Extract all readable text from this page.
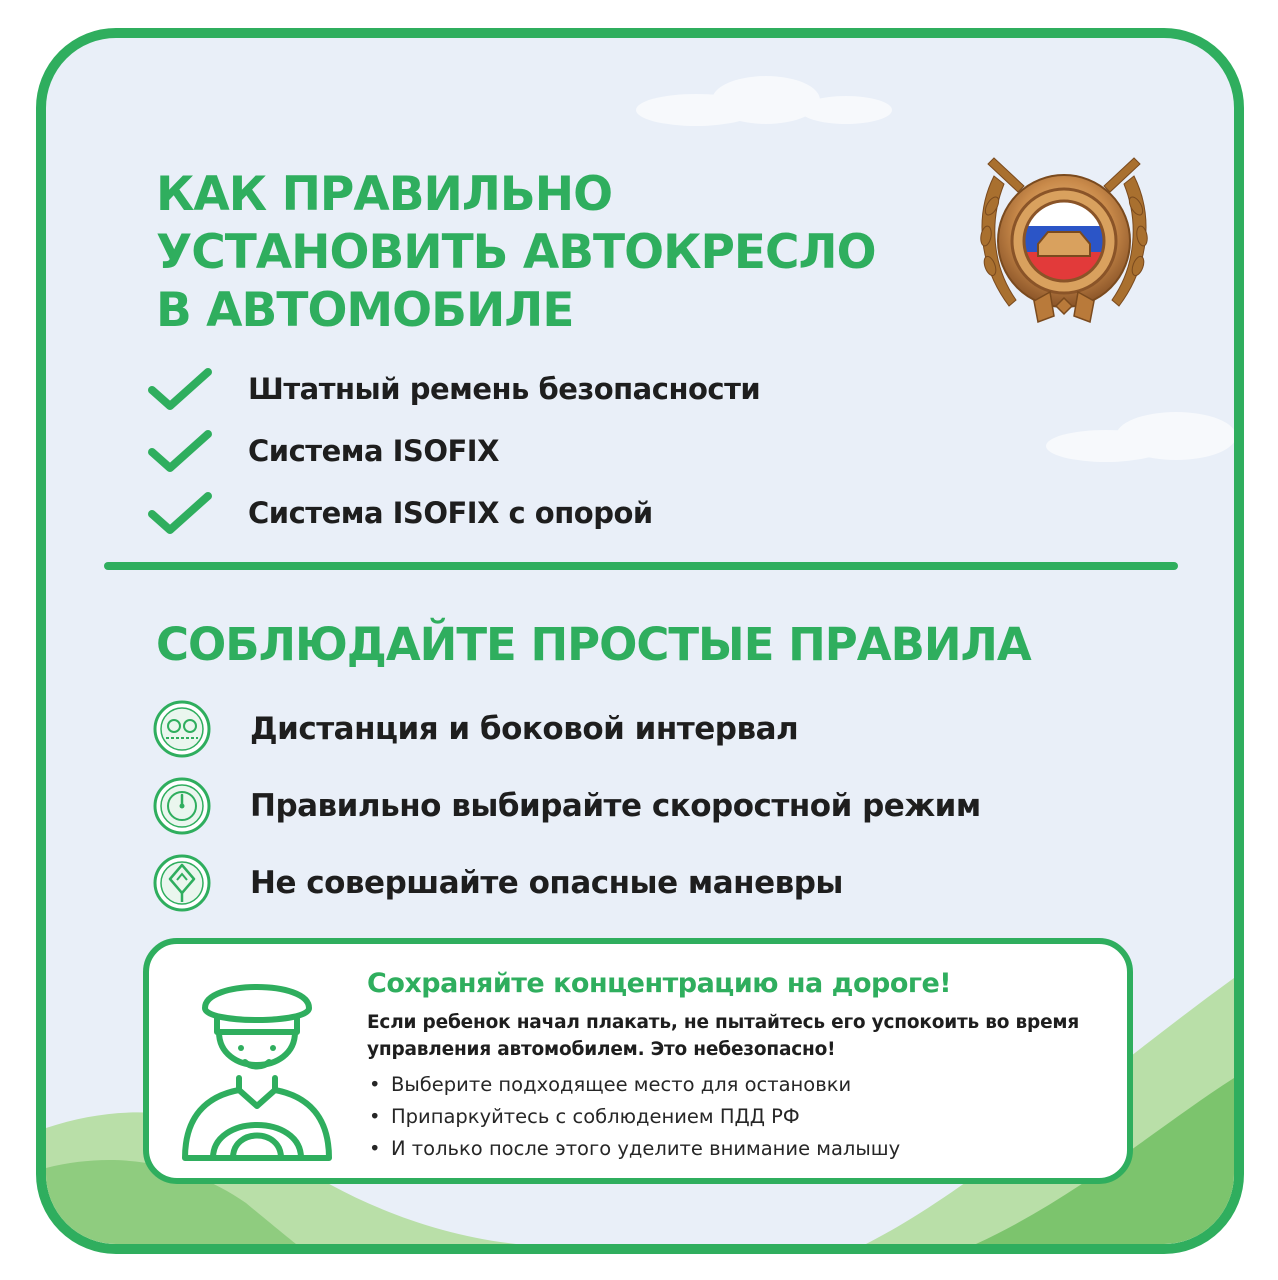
КАК ПРАВИЛЬНО
УСТАНОВИТЬ АВТОКРЕСЛО
В АВТОМОБИЛЕ
Штатный ремень безопасности
Система ISOFIX
Система ISOFIX с опорой
СОБЛЮДАЙТЕ ПРОСТЫЕ ПРАВИЛА
Дистанция и боковой интервал
Правильно выбирайте скоростной режим
Не совершайте опасные маневры
Сохраняйте концентрацию на дороге!

Если ребенок начал плакать, не пытайтесь его успокоить во время управления автомобилем. Это небезопасно!

• Выберите подходящее место для остановки
• Припаркуйтесь с соблюдением ПДД РФ
• И только после этого уделите внимание малышу
